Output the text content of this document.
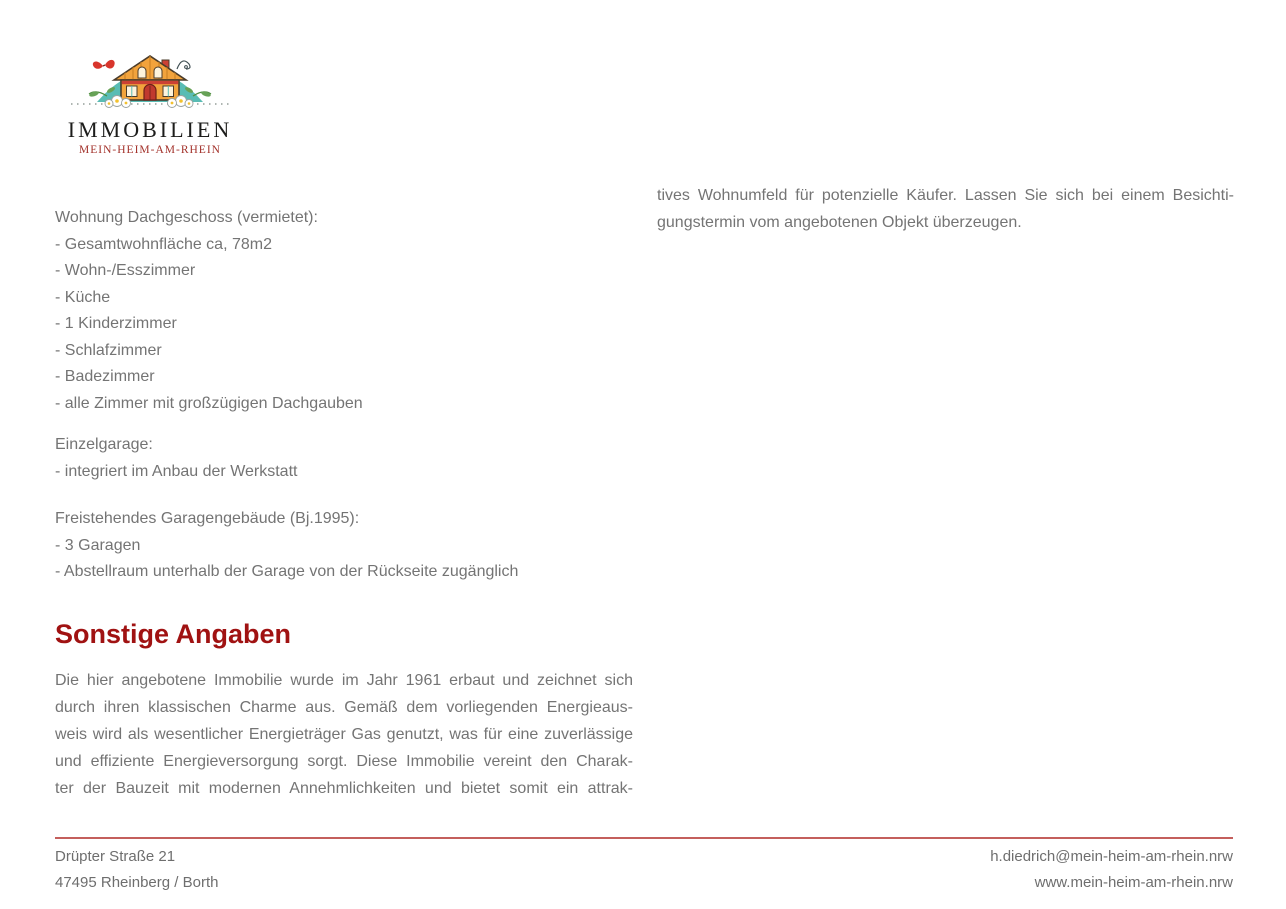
IMMOBILIEN
MEIN-HEIM-AM-RHEIN
Wohnung Dachgeschoss (vermietet):
- Gesamtwohnfläche ca, 78m2
- Wohn-/Esszimmer
- Küche
- 1 Kinderzimmer
- Schlafzimmer
- Badezimmer
- alle Zimmer mit großzügigen Dachgauben
Einzelgarage:
- integriert im Anbau der Werkstatt
Freistehendes Garagengebäude (Bj.1995):
- 3 Garagen
- Abstellraum unterhalb der Garage von der Rückseite zugänglich
Sonstige Angaben
Die hier angebotene Immobilie wurde im Jahr 1961 erbaut und zeichnet sich
durch ihren klassischen Charme aus. Gemäß dem vorliegenden Energieaus-
weis wird als wesentlicher Energieträger Gas genutzt, was für eine zuverlässige
und effiziente Energieversorgung sorgt. Diese Immobilie vereint den Charak-
ter der Bauzeit mit modernen Annehmlichkeiten und bietet somit ein attrak-
tives Wohnumfeld für potenzielle Käufer. Lassen Sie sich bei einem Besichti-
gungstermin vom angebotenen Objekt überzeugen.
Drüpter Straße 21
47495 Rheinberg / Borth
h.diedrich@mein-heim-am-rhein.nrw
www.mein-heim-am-rhein.nrw
